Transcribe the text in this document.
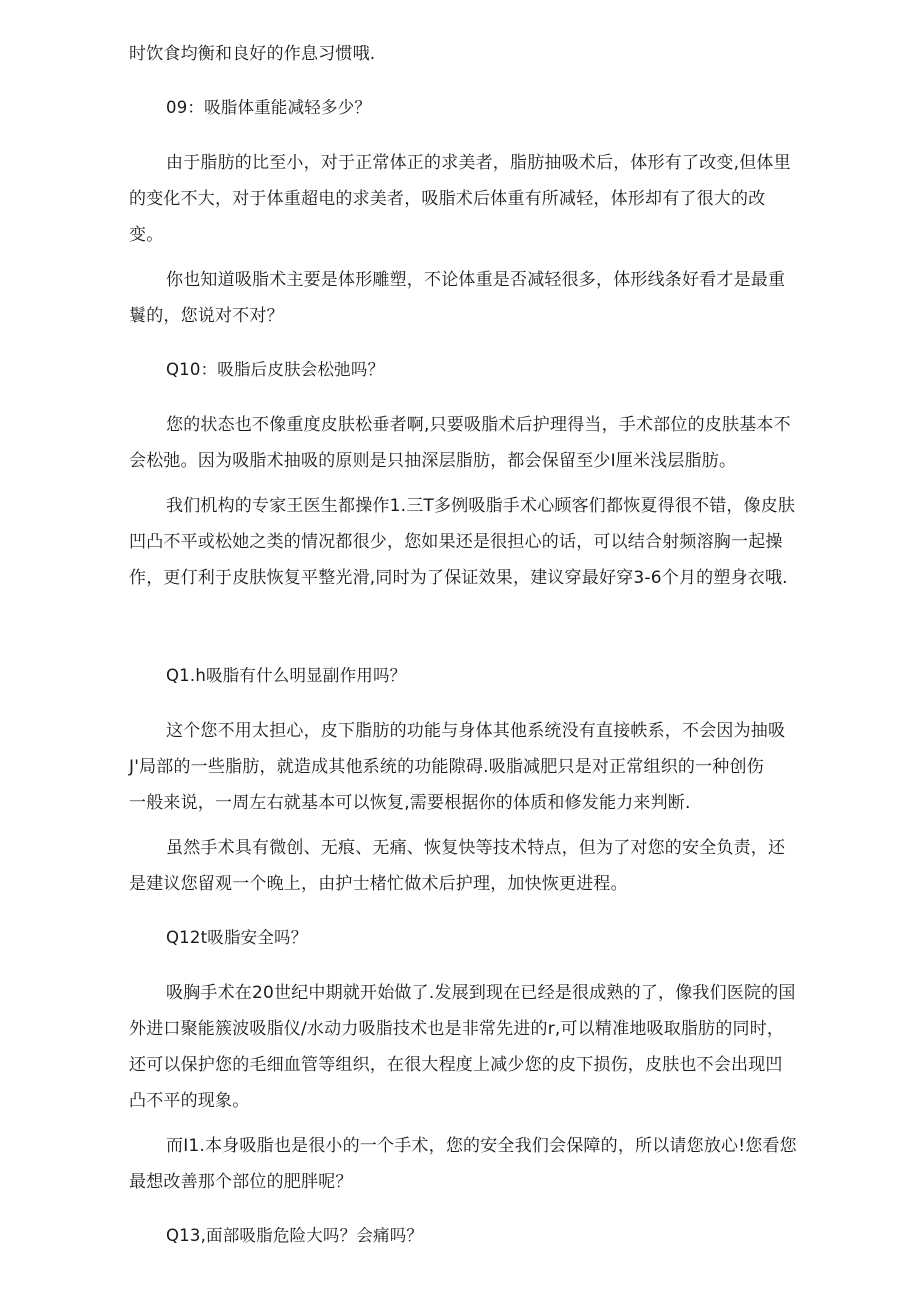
时饮食均衡和良好的作息习惯哦.
09：吸脂体重能减轻多少？
由于脂肪的比至小，对于正常体正的求美者，脂肪抽吸术后，体形有了改变,但体里
的变化不大，对于体重超电的求美者，吸脂术后体重有所减轻，体形却有了很大的改
变。
你也知道吸脂术主要是体形雕塑，不论体重是否减轻很多，体形线条好看才是最重
鬟的，您说对不对？
Q10：吸脂后皮肤会松弛吗？
您的状态也不像重度皮肤松垂者啊,只要吸脂术后护理得当，手术部位的皮肤基本不
会松弛。因为吸脂术抽吸的原则是只抽深层脂肪，都会保留至少I厘米浅层脂肪。
我们机构的专家王医生都操作1.三T多例吸脂手术心顾客们都恢夏得很不错，像皮肤
凹凸不平或松她之类的情况都很少，您如果还是很担心的话，可以结合射频溶胸一起操
作，更仃利于皮肤恢复平整光滑,同时为了保证效果，建议穿最好穿3-6个月的塑身衣哦.
Q1.h吸脂有什么明显副作用吗？
这个您不用太担心，皮下脂肪的功能与身体其他系统没有直接帙系，不会因为抽吸
J'局部的一些脂肪，就造成其他系统的功能隙碍.吸脂减肥只是对正常组织的一种创伤
一般来说，一周左右就基本可以恢复,需要根据你的体质和修发能力来判断.
虽然手术具有微创、无痕、无痛、恢复快等技术特点，但为了对您的安全负责，还
是建议您留观一个晚上，由护士楮忙做术后护理，加快恢更进程。
Q12t吸脂安全吗？
吸胸手术在20世纪中期就开始做了.发展到现在已经是很成熟的了，像我们医院的国
外进口聚能簇波吸脂仪/水动力吸脂技术也是非常先进的r,可以精准地吸取脂肪的同时，
还可以保护您的毛细血管等组织，在很大程度上减少您的皮下损伤，皮肤也不会出现凹
凸不平的现象。
而I1.本身吸脂也是很小的一个手术，您的安全我们会保障的，所以请您放心!您看您
最想改善那个部位的肥胖呢？
Q13,面部吸脂危险大吗？会痛吗？
